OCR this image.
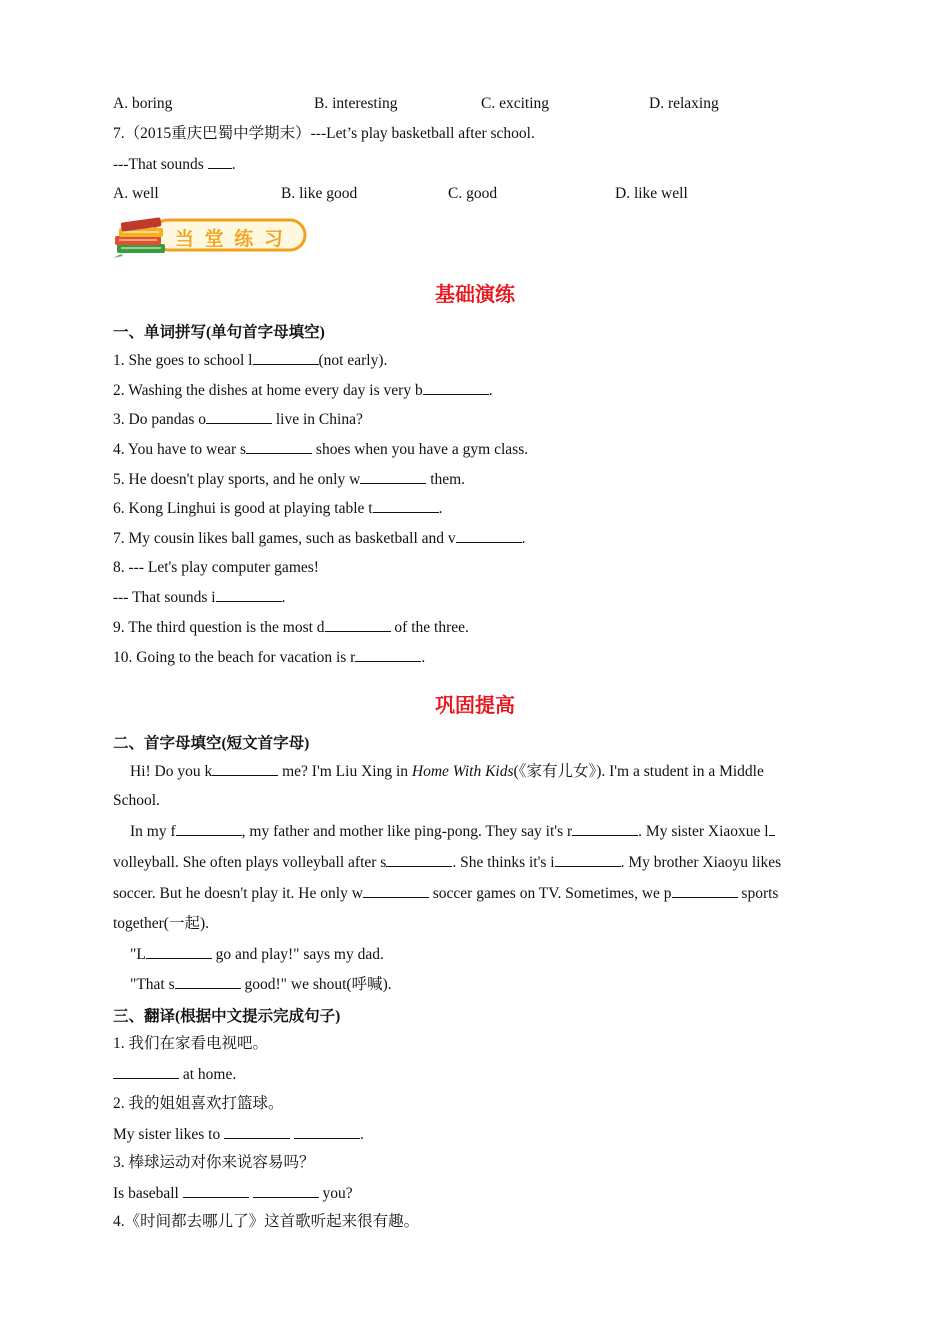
A. boring	B. interesting	C. exciting	D. relaxing
7.（2015重庆巴蜀中学期末）---Let’s play basketball after school.
---That sounds .
A. well	B. like good	C. good	D. like well
当 堂 练 习
基础演练
一、单词拼写(单句首字母填空)
1. She goes to school l	(not early).
2. Washing the dishes at home every day is very b	.
3. Do pandas o	live in China?
4. You have to wear s	shoes when you have a gym class.
5. He doesn't play sports, and he only w	them.
6. Kong Linghui is good at playing table t	.
7. My cousin likes ball games, such as basketball and v	.
8. --- Let's play computer games!
--- That sounds i	.
9. The third question is the most d	of the three.
10. Going to the beach for vacation is r	.
巩固提高
二、首字母填空(短文首字母)
Hi! Do you k	me? I'm Liu Xing in Home With Kids(《家有儿女》). I'm a student in a Middle
School.
In my f	, my father and mother like ping-pong. They say it's r	. My sister Xiaoxue l
volleyball. She often plays volleyball after s	. She thinks it's i	. My brother Xiaoyu likes
soccer. But he doesn't play it. He only w	soccer games on TV. Sometimes, we p	sports
together(一起).
"L	go and play!" says my dad.
"That s	good!" we shout(呼喊).
三、翻译(根据中文提示完成句子)
1. 我们在家看电视吧。
at home.
2. 我的姐姐喜欢打篮球。
My sister likes to	.
3. 棒球运动对你来说容易吗？
Is baseball	you?
4.《时间都去哪儿了》这首歌听起来很有趣。
